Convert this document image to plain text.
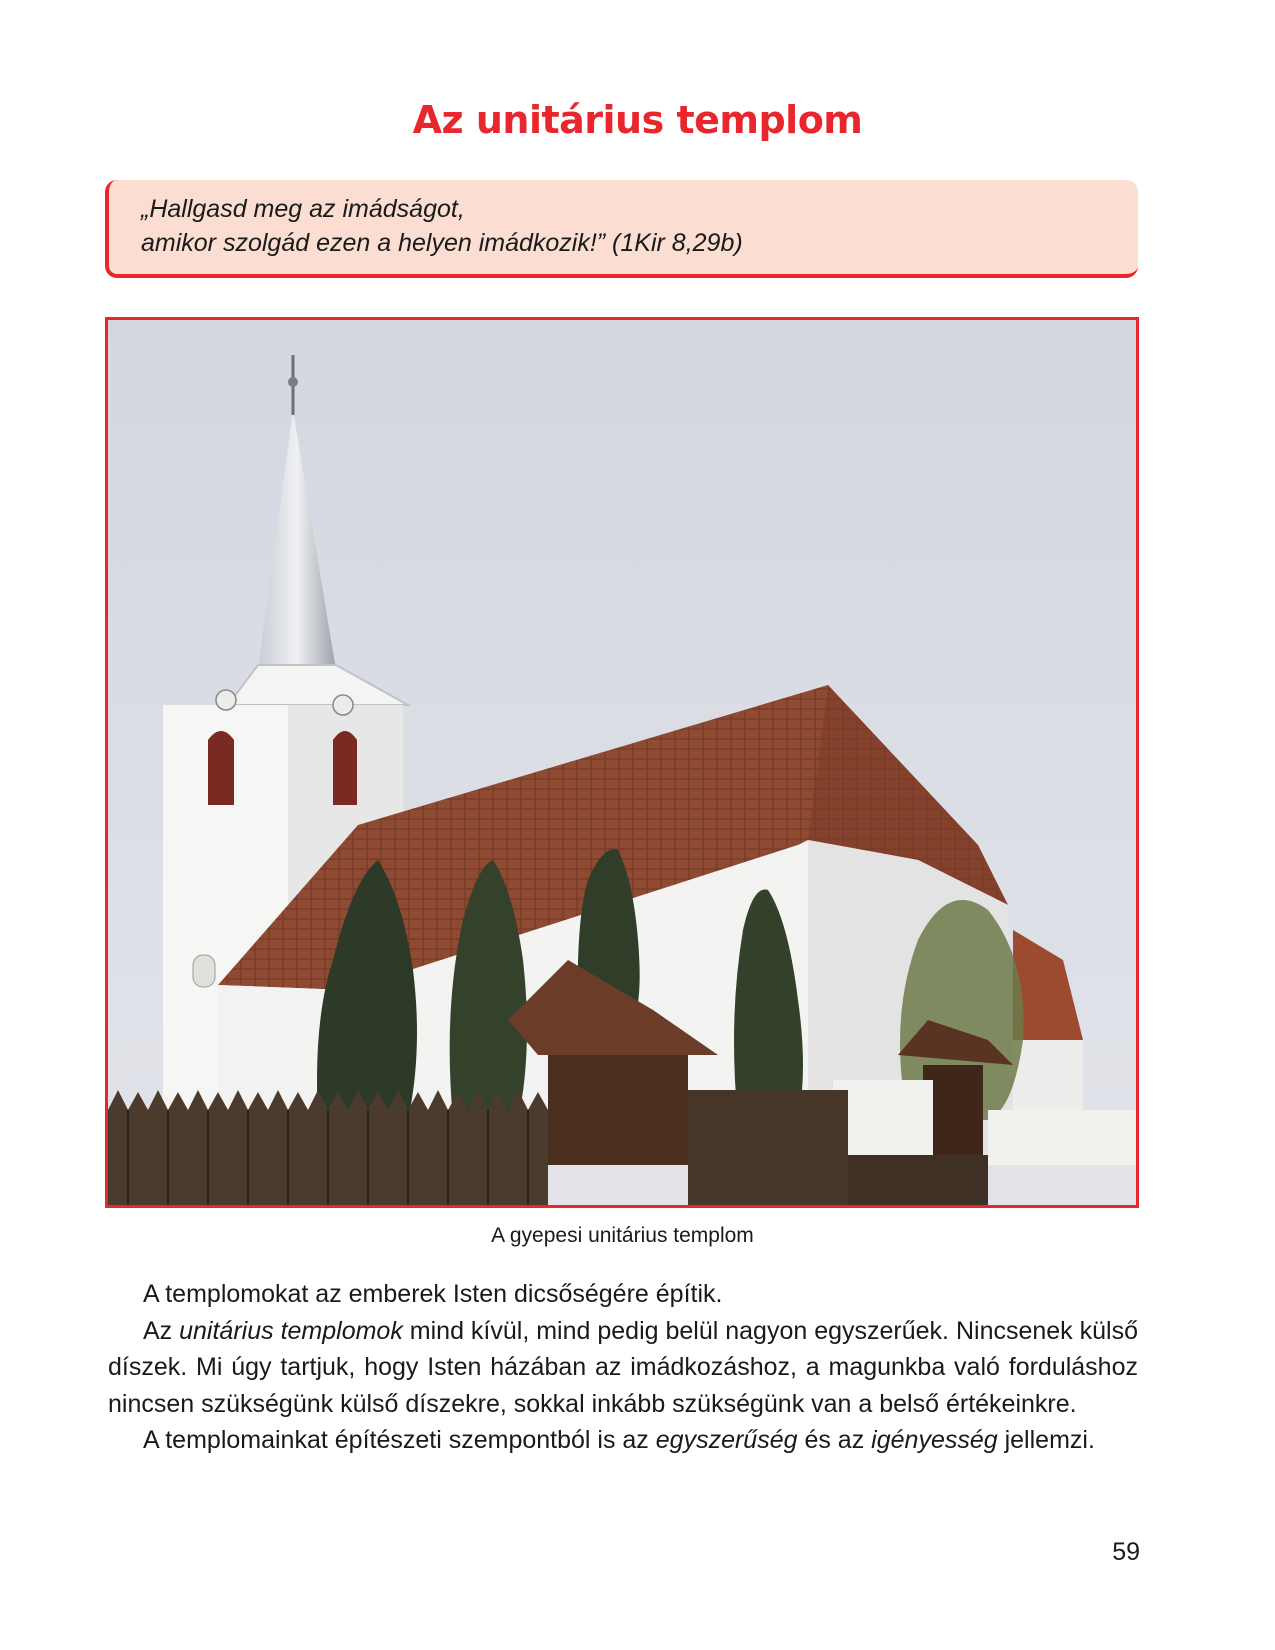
Az unitárius templom
„Hallgasd meg az imádságot,
amikor szolgád ezen a helyen imádkozik!” (1Kir 8,29b)
A gyepesi unitárius templom

A templomokat az emberek Isten dicsőségére építik.

Az unitárius templomok mind kívül, mind pedig belül nagyon egyszerűek. Nincsenek külső díszek. Mi úgy tartjuk, hogy Isten házában az imádkozáshoz, a magunkba való forduláshoz nincsen szükségünk külső díszekre, sokkal inkább szükségünk van a belső értékeinkre.

A templomainkat építészeti szempontból is az egyszerűség és az igényesség jellemzi.

59
